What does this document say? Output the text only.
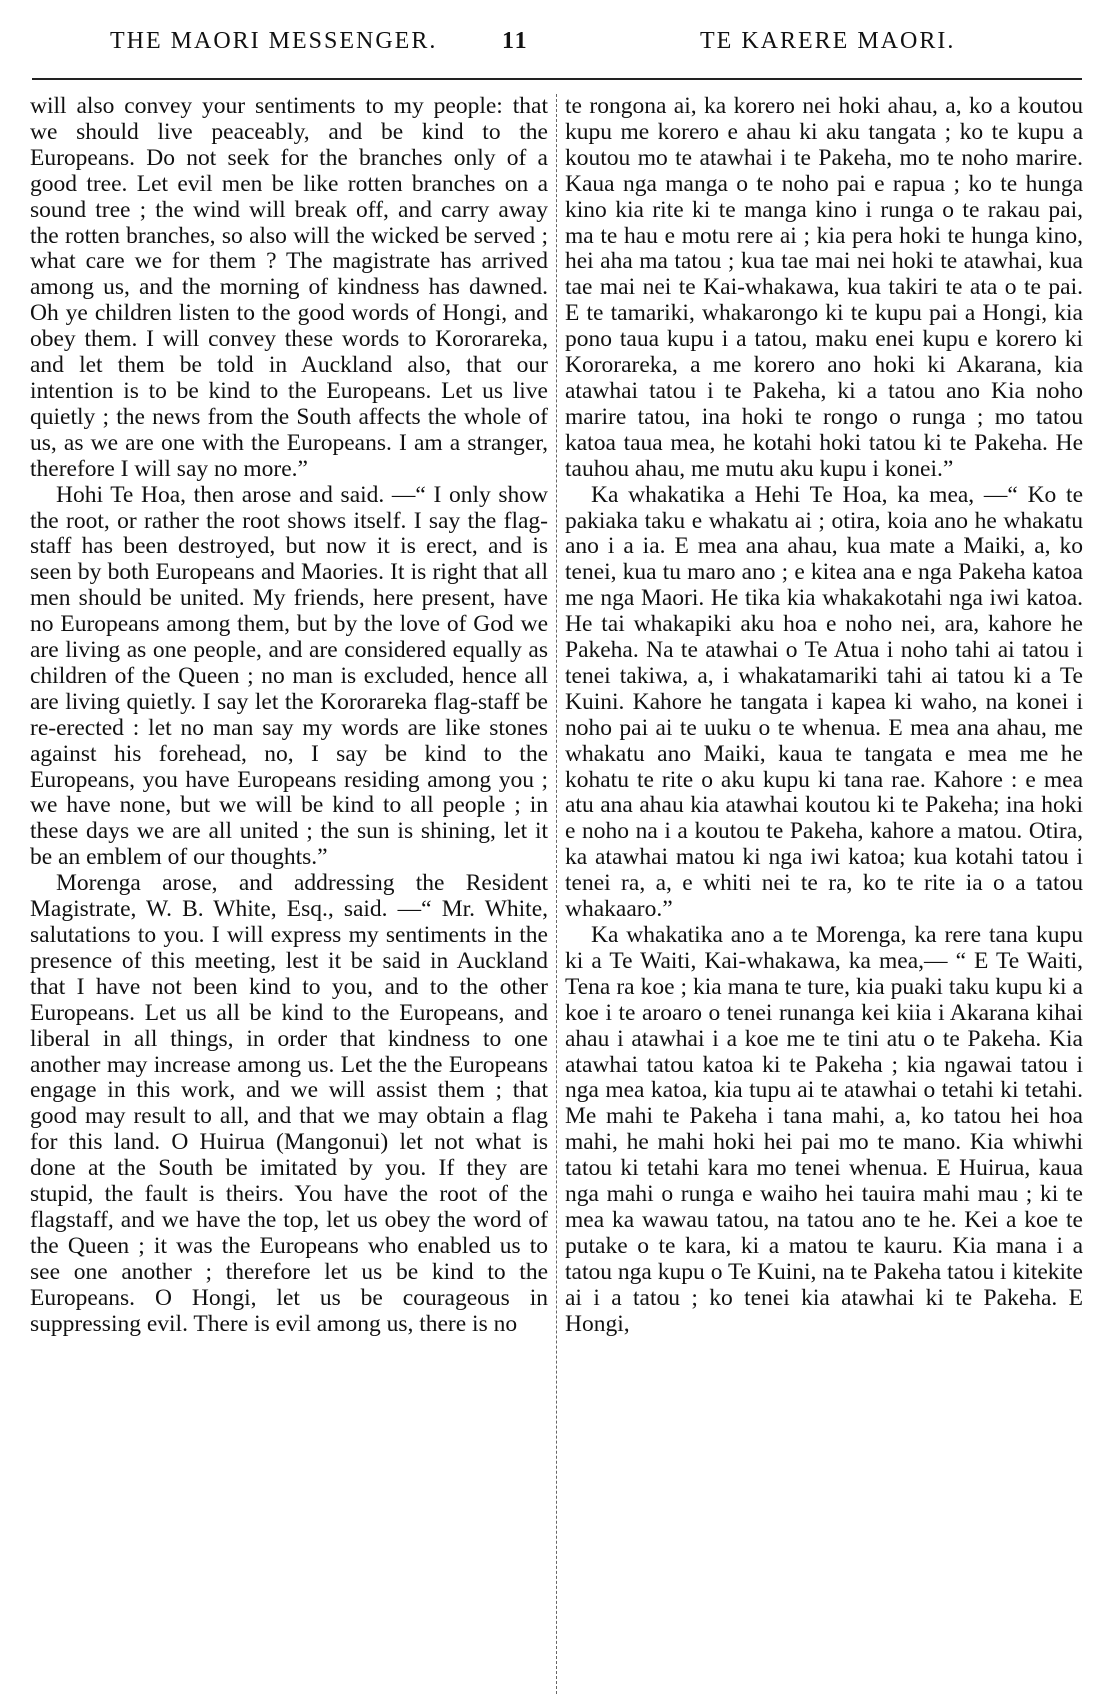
THE MAORI MESSENGER.	11	TE KARERE MAORI.

will also convey your sentiments to my people: that we should live peaceably, and be kind to the Europeans. Do not seek for the branches only of a good tree. Let evil men be like rotten branches on a sound tree ; the wind will break off, and carry away the rotten branches, so also will the wicked be served ; what care we for them ? The magistrate has arrived among us, and the morning of kindness has dawned. Oh ye children listen to the good words of Hongi, and obey them. I will convey these words to Kororareka, and let them be told in Auckland also, that our intention is to be kind to the Europeans. Let us live quietly ; the news from the South affects the whole of us, as we are one with the Europeans. I am a stranger, therefore I will say no more.”

Hohi Te Hoa, then arose and said. —“ I only show the root, or rather the root shows itself. I say the flag-staff has been destroyed, but now it is erect, and is seen by both Europeans and Maories. It is right that all men should be united. My friends, here present, have no Europeans among them, but by the love of God we are living as one people, and are considered equally as children of the Queen ; no man is excluded, hence all are living quietly. I say let the Kororareka flag-staff be re-erected : let no man say my words are like stones against his forehead, no, I say be kind to the Europeans, you have Europeans residing among you ; we have none, but we will be kind to all people ; in these days we are all united ; the sun is shining, let it be an emblem of our thoughts.”

Morenga arose, and addressing the Resident Magistrate, W. B. White, Esq., said. —“ Mr. White, salutations to you. I will express my sentiments in the presence of this meeting, lest it be said in Auckland that I have not been kind to you, and to the other Europeans. Let us all be kind to the Europeans, and liberal in all things, in order that kindness to one another may increase among us. Let the the Europeans engage in this work, and we will assist them ; that good may result to all, and that we may obtain a flag for this land. O Huirua (Mangonui) let not what is done at the South be imitated by you. If they are stupid, the fault is theirs. You have the root of the flagstaff, and we have the top, let us obey the word of the Queen ; it was the Europeans who enabled us to see one another ; therefore let us be kind to the Europeans. O Hongi, let us be courageous in suppressing evil. There is evil among us, there is no

te rongona ai, ka korero nei hoki ahau, a, ko a koutou kupu me korero e ahau ki aku tangata ; ko te kupu a koutou mo te atawhai i te Pakeha, mo te noho marire. Kaua nga manga o te noho pai e rapua ; ko te hunga kino kia rite ki te manga kino i runga o te rakau pai, ma te hau e motu rere ai ; kia pera hoki te hunga kino, hei aha ma tatou ; kua tae mai nei hoki te atawhai, kua tae mai nei te Kai-whakawa, kua takiri te ata o te pai. E te tamariki, whakarongo ki te kupu pai a Hongi, kia pono taua kupu i a tatou, maku enei kupu e korero ki Kororareka, a me korero ano hoki ki Akarana, kia atawhai tatou i te Pakeha, ki a tatou ano Kia noho marire tatou, ina hoki te rongo o runga ; mo tatou katoa taua mea, he kotahi hoki tatou ki te Pakeha. He tauhou ahau, me mutu aku kupu i konei.”

Ka whakatika a Hehi Te Hoa, ka mea, —“ Ko te pakiaka taku e whakatu ai ; otira, koia ano he whakatu ano i a ia. E mea ana ahau, kua mate a Maiki, a, ko tenei, kua tu maro ano ; e kitea ana e nga Pakeha katoa me nga Maori. He tika kia whakakotahi nga iwi katoa. He tai whakapiki aku hoa e noho nei, ara, kahore he Pakeha. Na te atawhai o Te Atua i noho tahi ai tatou i tenei takiwa, a, i whakatamariki tahi ai tatou ki a Te Kuini. Kahore he tangata i kapea ki waho, na konei i noho pai ai te uuku o te whenua. E mea ana ahau, me whakatu ano Maiki, kaua te tangata e mea me he kohatu te rite o aku kupu ki tana rae. Kahore : e mea atu ana ahau kia atawhai koutou ki te Pakeha; ina hoki e noho na i a koutou te Pakeha, kahore a matou. Otira, ka atawhai matou ki nga iwi katoa; kua kotahi tatou i tenei ra, a, e whiti nei te ra, ko te rite ia o a tatou whakaaro.”

Ka whakatika ano a te Morenga, ka rere tana kupu ki a Te Waiti, Kai-whakawa, ka mea,— “ E Te Waiti, Tena ra koe ; kia mana te ture, kia puaki taku kupu ki a koe i te aroaro o tenei runanga kei kiia i Akarana kihai ahau i atawhai i a koe me te tini atu o te Pakeha. Kia atawhai tatou katoa ki te Pakeha ; kia ngawai tatou i nga mea katoa, kia tupu ai te atawhai o tetahi ki tetahi. Me mahi te Pakeha i tana mahi, a, ko tatou hei hoa mahi, he mahi hoki hei pai mo te mano. Kia whiwhi tatou ki tetahi kara mo tenei whenua. E Huirua, kaua nga mahi o runga e waiho hei tauira mahi mau ; ki te mea ka wawau tatou, na tatou ano te he. Kei a koe te putake o te kara, ki a matou te kauru. Kia mana i a tatou nga kupu o Te Kuini, na te Pakeha tatou i kitekite ai i a tatou ; ko tenei kia atawhai ki te Pakeha. E Hongi,
